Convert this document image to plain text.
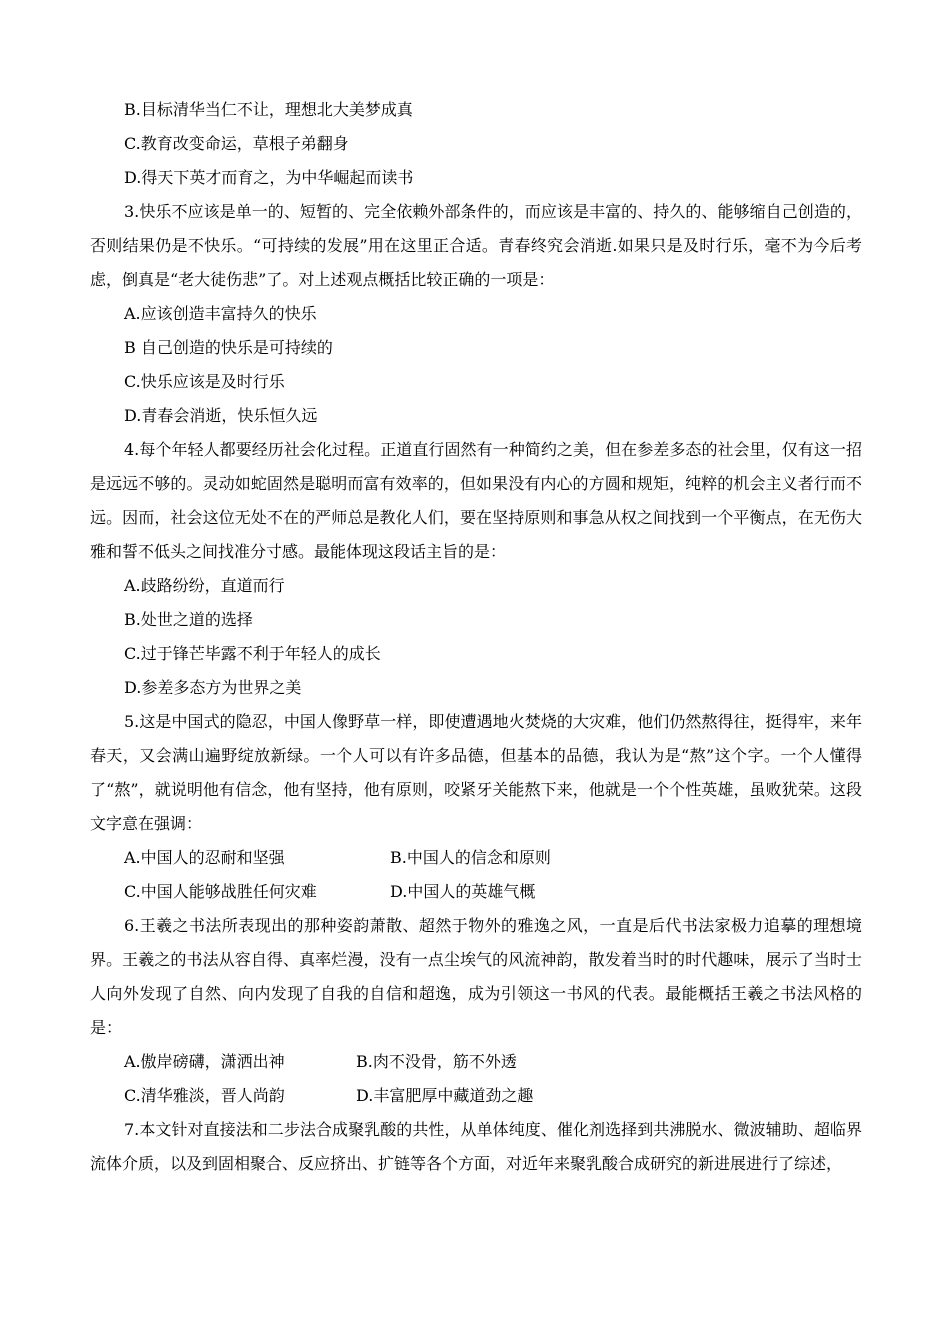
B.目标清华当仁不让，理想北大美梦成真

C.教育改变命运，草根子弟翻身

D.得天下英才而育之，为中华崛起而读书

3.快乐不应该是单一的、短暂的、完全依赖外部条件的，而应该是丰富的、持久的、能够缩自己创造的，否则结果仍是不快乐。“可持续的发展”用在这里正合适。青春终究会消逝.如果只是及时行乐，毫不为今后考虑，倒真是“老大徒伤悲”了。对上述观点概括比较正确的一项是：

A.应该创造丰富持久的快乐

B 自己创造的快乐是可持续的

C.快乐应该是及时行乐

D.青春会消逝，快乐恒久远

4.每个年轻人都要经历社会化过程。正道直行固然有一种简约之美，但在参差多态的社会里，仅有这一招是远远不够的。灵动如蛇固然是聪明而富有效率的，但如果没有内心的方圆和规矩，纯粹的机会主义者行而不远。因而，社会这位无处不在的严师总是教化人们，要在坚持原则和事急从权之间找到一个平衡点，在无伤大雅和誓不低头之间找准分寸感。最能体现这段话主旨的是：

A.歧路纷纷，直道而行

B.处世之道的选择

C.过于锋芒毕露不利于年轻人的成长

D.参差多态方为世界之美

5.这是中国式的隐忍，中国人像野草一样，即使遭遇地火焚烧的大灾难，他们仍然熬得往，挺得牢，来年春天，又会满山遍野绽放新绿。一个人可以有许多品德，但基本的品德，我认为是“熬”这个字。一个人懂得了“熬”，就说明他有信念，他有坚持，他有原则，咬紧牙关能熬下来，他就是一个个性英雄，虽败犹荣。这段文字意在强调：

A.中国人的忍耐和坚强	B.中国人的信念和原则
C.中国人能够战胜任何灾难	D.中国人的英雄气概

6.王羲之书法所表现出的那种姿韵萧散、超然于物外的雅逸之风，一直是后代书法家极力追摹的理想境界。王羲之的书法从容自得、真率烂漫，没有一点尘埃气的风流神韵，散发着当时的时代趣味，展示了当时士人向外发现了自然、向内发现了自我的自信和超逸，成为引领这一书风的代表。最能概括王羲之书法风格的是：

A.傲岸磅礴，潇洒出神	B.肉不没骨，筋不外透
C.清华雅淡，晋人尚韵	D.丰富肥厚中藏道劲之趣

7.本文针对直接法和二步法合成聚乳酸的共性，从单体纯度、催化剂选择到共沸脱水、微波辅助、超临界流体介质，以及到固相聚合、反应挤出、扩链等各个方面，对近年来聚乳酸合成研究的新进展进行了综述，
